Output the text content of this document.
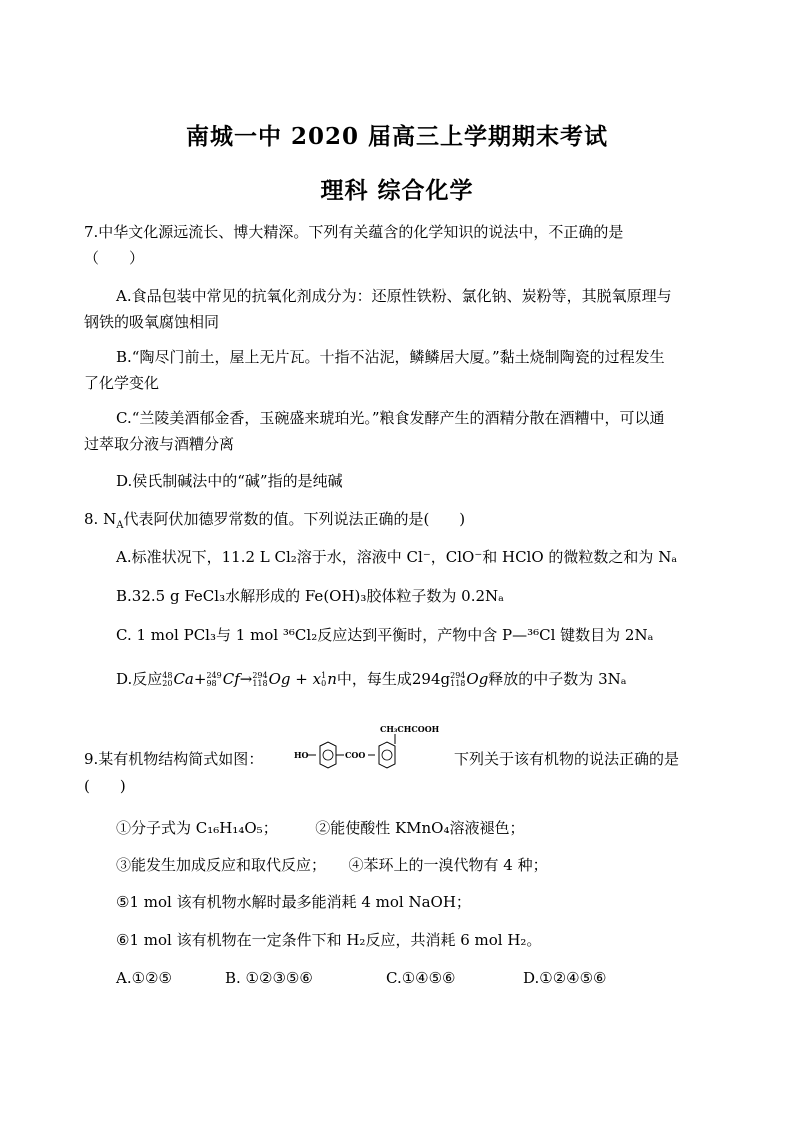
南城一中 2020 届高三上学期期末考试
理科 综合化学
7.中华文化源远流长、博大精深。下列有关蕴含的化学知识的说法中，不正确的是
（　　）
A.食品包装中常见的抗氧化剂成分为：还原性铁粉、氯化钠、炭粉等，其脱氧原理与
钢铁的吸氧腐蚀相同
B.“陶尽门前土，屋上无片瓦。十指不沾泥，鳞鳞居大厦。”黏土烧制陶瓷的过程发生
了化学变化
C.“兰陵美酒郁金香，玉碗盛来琥珀光。”粮食发酵产生的酒精分散在酒糟中，可以通
过萃取分液与酒糟分离
D.侯氏制碱法中的“碱”指的是纯碱
8. $N_A$代表阿伏加德罗常数的值。下列说法正确的是(　　)
A.标准状况下，11.2 L Cl₂溶于水，溶液中 Cl⁻，ClO⁻和 HClO 的微粒数之和为 Nₐ
B.32.5 g FeCl₃水解形成的 Fe(OH)₃胶体粒子数为 0.2Nₐ
C. 1 mol PCl₃与 1 mol ³⁶Cl₂反应达到平衡时，产物中含 P—³⁶Cl 键数目为 2Nₐ
D.反应 48
20 Ca+ 249
98 Cf→ 294
118 Og + x 1
0 n中，每生成294g 294
118 Og释放的中子数为 3Nₐ
9.某有机物结构简式如图：
CH₃CHCOOH
HO	COO	下列关于该有机物的说法正确的是
(　　)
①分子式为 C₁₆H₁₄O₅；　　　②能使酸性 KMnO₄溶液褪色；
③能发生加成反应和取代反应；　　④苯环上的一溴代物有 4 种；
⑤1 mol 该有机物水解时最多能消耗 4 mol NaOH；
⑥1 mol 该有机物在一定条件下和 H₂反应，共消耗 6 mol H₂。
A.①②⑤	B. ①②③⑤⑥	C.①④⑤⑥	D.①②④⑤⑥
